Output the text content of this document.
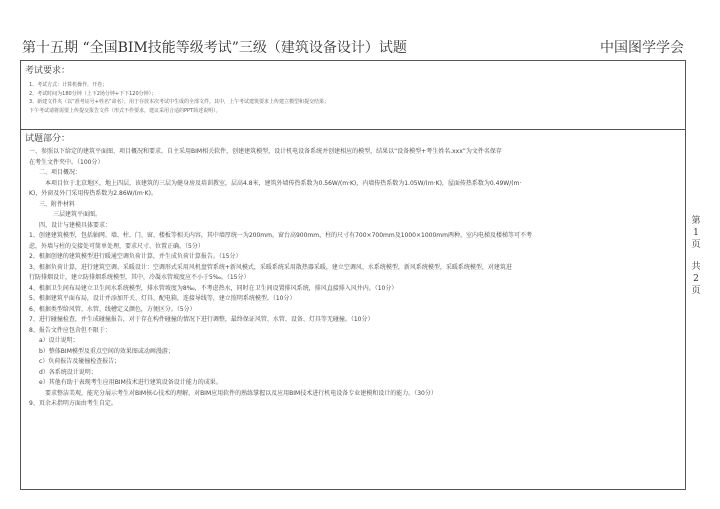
第十五期 “全国BIM技能等级考试”三级（建筑设备设计）试题	中国图学学会
考试要求：
1、考试方式：计算机操作，开卷；
2、考试时间为180分钟（上下2场分钟+下下120分钟）；
3、新建文件夹（以“准考证号+姓名”命名），用于存放本次考试中生成的全部文件。其中，上午考试建筑要求上传建立模型和提交结果；
下午考试请将需要上传提交报告文件（形式不作要求，建议采用合适的PPT简述说明）。
试题部分：
一、参照以下给定的建筑平面图、项目概况和要求，自主采用BIM相关软件，创建建筑模型，设计机电设备系统并创建相应的模型，结果以“设备模型+考生姓名.xxx”为文件名保存
在考生文件夹中。（100分）
二、项目概况：
本项目位于北京地区，地上四层，该建筑的三层为健身房及培训教室，层高4.8米，建筑外墙传热系数为0.56W/(m·K)，内墙传热系数为1.05W/(m·K)，屋面传热系数为0.49W/(m·
K)，外窗及外门采用传热系数为2.86W/(m·K)。
三、附件材料
三层建筑平面图。
四、设计与建模具体要求：
1、创建建筑模型，包括轴网、墙、柱、门、窗、楼板等相关内容，其中墙厚统一为200mm，窗台高900mm，柱的尺寸有700×700mm及1000×1000mm两种，室内电梯及楼梯等可不考
虑，外墙与柱的交接处可简单处理，要求尺寸、位置正确。（5分）
2、根据创建的建筑模型进行暖通空调负荷计算，并生成负荷计算报告。（15分）
3、根据负荷计算，进行建筑空调、采暖设计：空调形式采用风机盘管系统+新风模式，采暖系统采用散热器采暖，建立空调风、水系统模型，新风系统模型，采暖系统模型，对建筑进
行防排烟设计，建立防排烟系统模型，其中，冷凝水管坡度应不小于5‰。（15分）
4、根据卫生间布局建立卫生间水系统模型，排水管坡度为8‰，不考虑热水，同时在卫生间设置排风系统，排风直接排入风井内。（10分）
5、根据建筑平面布局，设计并添加开关、灯具、配电箱，连接导线等，建立照明系统模型。（10分）
6、根据类型给风管、水管、线槽定义颜色，方便区分。（5分）
7、进行碰撞检查，并生成碰撞报告，对于存在构件碰撞的情况下进行调整，最终保证风管、水管、设备、灯具等无碰撞。（10分）
8、报告文件应包含但不限于：
a）设计说明；
b）整体BIM模型及重点空间的效果图或动画漫游；
c）负荷报告及碰撞检查报告；
d）各系统设计说明；
e）其他有助于表现考生应用BIM技术进行建筑设备设计能力的成果。
要求整洁美观，能充分展示考生对BIM核心技术的理解，对BIM应用软件的熟练掌握以及应用BIM技术进行机电设备专业建模和设计的能力。（30分）
9、页余未指明方面由考生自定。
第
1
页
共
2
页
